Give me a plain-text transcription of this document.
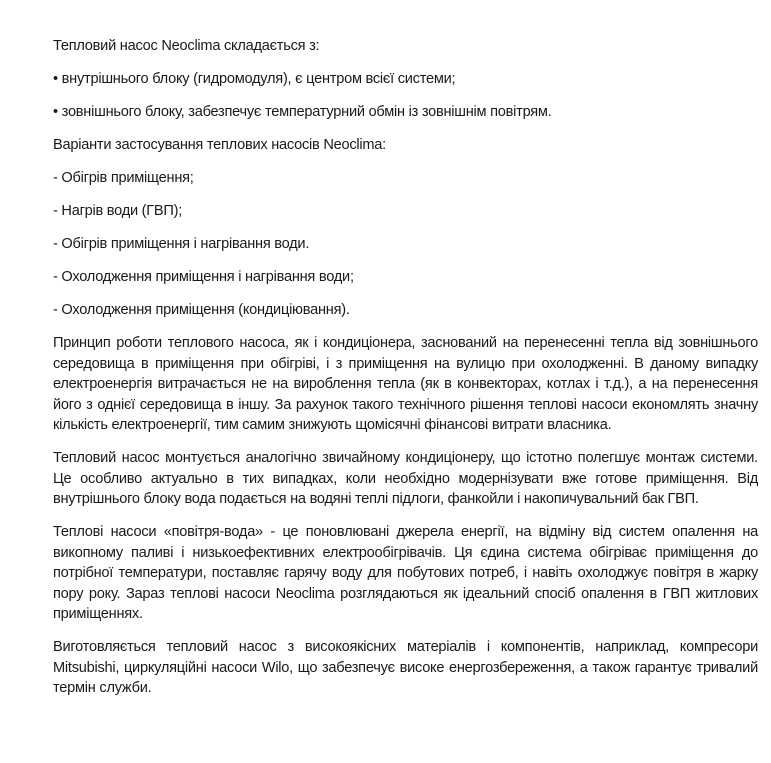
Тепловий насос Neoclima складається з:

• внутрішнього блоку (гидромодуля), є центром всієї системи;

• зовнішнього блоку, забезпечує температурний обмін із зовнішнім повітрям.

Варіанти застосування теплових насосів Neoclima:

- Обігрів приміщення;

- Нагрів води (ГВП);

- Обігрів приміщення і нагрівання води.

- Охолодження приміщення і нагрівання води;

- Охолодження приміщення (кондиціювання).

Принцип роботи теплового насоса, як і кондиціонера, заснований на перенесенні тепла від зовнішнього середовища в приміщення при обігріві, і з приміщення на вулицю при охолодженні. В даному випадку електроенергія витрачається не на вироблення тепла (як в конвекторах, котлах і т.д.), а на перенесення його з однієї середовища в іншу. За рахунок такого технічного рішення теплові насоси економлять значну кількість електроенергії, тим самим знижують щомісячні фінансові витрати власника.

Тепловий насос монтується аналогічно звичайному кондиціонеру, що істотно полегшує монтаж системи. Це особливо актуально в тих випадках, коли необхідно модернізувати вже готове приміщення. Від внутрішнього блоку вода подається на водяні теплі підлоги, фанкойли і накопичувальний бак ГВП.

Теплові насоси «повітря-вода» - це поновлювані джерела енергії, на відміну від систем опалення на викопному паливі і низькоефективних електрообігрівачів. Ця єдина система обігріває приміщення до потрібної температури, поставляє гарячу воду для побутових потреб, і навіть охолоджує повітря в жарку пору року. Зараз теплові насоси Neoclima розглядаються як ідеальний спосіб опалення в ГВП житлових приміщеннях.

Виготовляється тепловий насос з високоякісних матеріалів і компонентів, наприклад, компресори Mitsubishi, циркуляційні насоси Wilo, що забезпечує високе енергозбереження, а також гарантує тривалий термін служби.
